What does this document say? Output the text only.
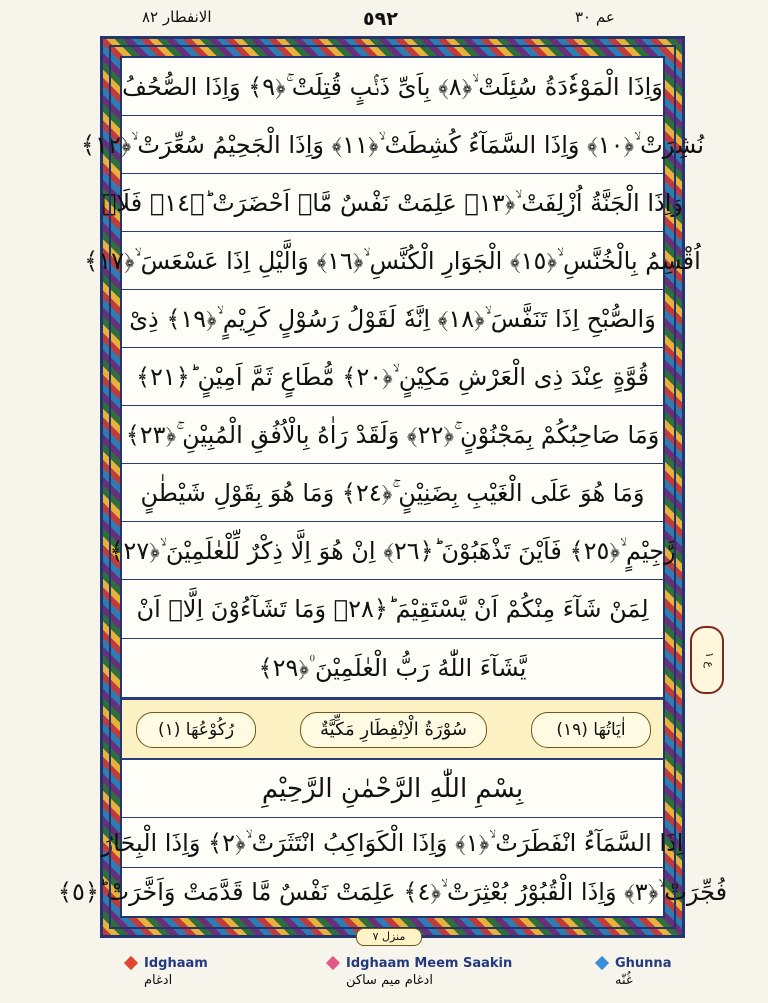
الانفطار ٨٢	٥٩٢	عم ٣٠
وَاِذَا الْمَوْءٗدَةُ سُئِلَتْ ۙ﴿٨﴾ بِاَیِّ ذَنْۢبٍ قُتِلَتْ ۚ﴿٩﴾ وَاِذَا الصُّحُفُ
نُشِرَتْ ۙ﴿١٠﴾ وَاِذَا السَّمَآءُ كُشِطَتْ ۙ﴿١١﴾ وَاِذَا الْجَحِیْمُ سُعِّرَتْ ۙ﴿١٢﴾
وَاِذَا الْجَنَّةُ اُزْلِفَتْ ۙ﴿١٣﴾ عَلِمَتْ نَفْسٌ مَّاۤ اَحْضَرَتْ ؕ﴿١٤﴾ فَلَاۤ
اُقْسِمُ بِالْخُنَّسِ ۙ﴿١٥﴾ الْجَوَارِ الْكُنَّسِ ۙ﴿١٦﴾ وَالَّیْلِ اِذَا عَسْعَسَ ۙ﴿١٧﴾
وَالصُّبْحِ اِذَا تَنَفَّسَ ۙ﴿١٨﴾ اِنَّهٗ لَقَوْلُ رَسُوْلٍ كَرِیْمٍ ۙ﴿١٩﴾ ذِیْ
قُوَّةٍ عِنْدَ ذِی الْعَرْشِ مَكِیْنٍ ۙ﴿٢٠﴾ مُّطَاعٍ ثَمَّ اَمِیْنٍ ؕ﴿٢١﴾
وَمَا صَاحِبُكُمْ بِمَجْنُوْنٍ ۚ﴿٢٢﴾ وَلَقَدْ رَاٰهُ بِالْاُفُقِ الْمُبِیْنِ ۚ﴿٢٣﴾
وَمَا هُوَ عَلَی الْغَیْبِ بِضَنِیْنٍ ۚ﴿٢٤﴾ وَمَا هُوَ بِقَوْلِ شَیْطٰنٍ
رَّجِیْمٍ ۙ﴿٢٥﴾ فَاَیْنَ تَذْهَبُوْنَ ؕ﴿٢٦﴾ اِنْ هُوَ اِلَّا ذِكْرٌ لِّلْعٰلَمِیْنَ ۙ﴿٢٧﴾
لِمَنْ شَآءَ مِنْكُمْ اَنْ یَّسْتَقِیْمَ ؕ﴿٢٨﴾ وَمَا تَشَآءُوْنَ اِلَّاۤ اَنْ
یَّشَآءَ اللّٰهُ رَبُّ الْعٰلَمِیْنَ ۠﴿٢٩﴾
رُكُوْعُهَا (١)	سُوْرَةُ الْاِنْفِطَارِ مَكِّیَّةٌ	اٰیَاتُهَا (١٩)
بِسْمِ اللّٰهِ الرَّحْمٰنِ الرَّحِیْمِ
اِذَا السَّمَآءُ انْفَطَرَتْ ۙ﴿١﴾ وَاِذَا الْكَوَاكِبُ انْتَثَرَتْ ۙ﴿٢﴾ وَاِذَا الْبِحَارُ
فُجِّرَتْ ۙ﴿٣﴾ وَاِذَا الْقُبُوْرُ بُعْثِرَتْ ۙ﴿٤﴾ عَلِمَتْ نَفْسٌ مَّا قَدَّمَتْ وَاَخَّرَتْ ؕ﴿٥﴾
منزل ٧
ع ١
Idghaam
ادغام
Idghaam Meem Saakin
ادغام میم ساکن
Ghunna
غُنّه
